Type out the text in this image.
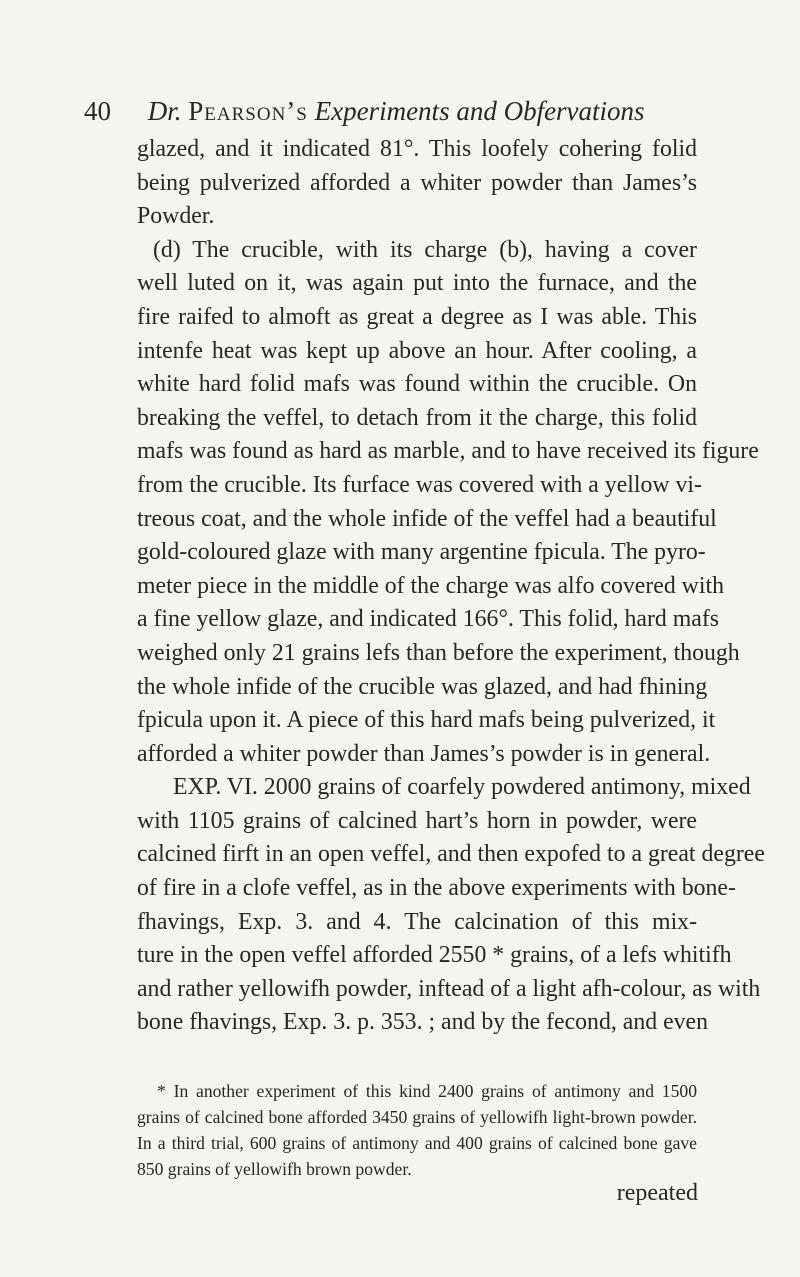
40 Dr. Pearson’s Experiments and Obfervations
glazed, and it indicated 81°. This loofely cohering folid
being pulverized afforded a whiter powder than James’s
Powder.
(d) The crucible, with its charge (b), having a cover
well luted on it, was again put into the furnace, and the
fire raifed to almoft as great a degree as I was able. This
intenfe heat was kept up above an hour. After cooling, a
white hard folid mafs was found within the crucible. On
breaking the veffel, to detach from it the charge, this folid
mafs was found as hard as marble, and to have received its figure
from the crucible. Its furface was covered with a yellow vi-
treous coat, and the whole infide of the veffel had a beautiful
gold-coloured glaze with many argentine fpicula. The pyro-
meter piece in the middle of the charge was alfo covered with
a fine yellow glaze, and indicated 166°. This folid, hard mafs
weighed only 21 grains lefs than before the experiment, though
the whole infide of the crucible was glazed, and had fhining
fpicula upon it. A piece of this hard mafs being pulverized, it
afforded a whiter powder than James’s powder is in general.
EXP. VI. 2000 grains of coarfely powdered antimony, mixed
with 1105 grains of calcined hart’s horn in powder, were
calcined firft in an open veffel, and then expofed to a great degree
of fire in a clofe veffel, as in the above experiments with bone-
fhavings, Exp. 3. and 4. The calcination of this mix-
ture in the open veffel afforded 2550 * grains, of a lefs whitifh
and rather yellowifh powder, inftead of a light afh-colour, as with
bone fhavings, Exp. 3. p. 353. ; and by the fecond, and even
* In another experiment of this kind 2400 grains of antimony and 1500
grains of calcined bone afforded 3450 grains of yellowifh light-brown powder.
In a third trial, 600 grains of antimony and 400 grains of calcined bone gave
850 grains of yellowifh brown powder.
repeated
